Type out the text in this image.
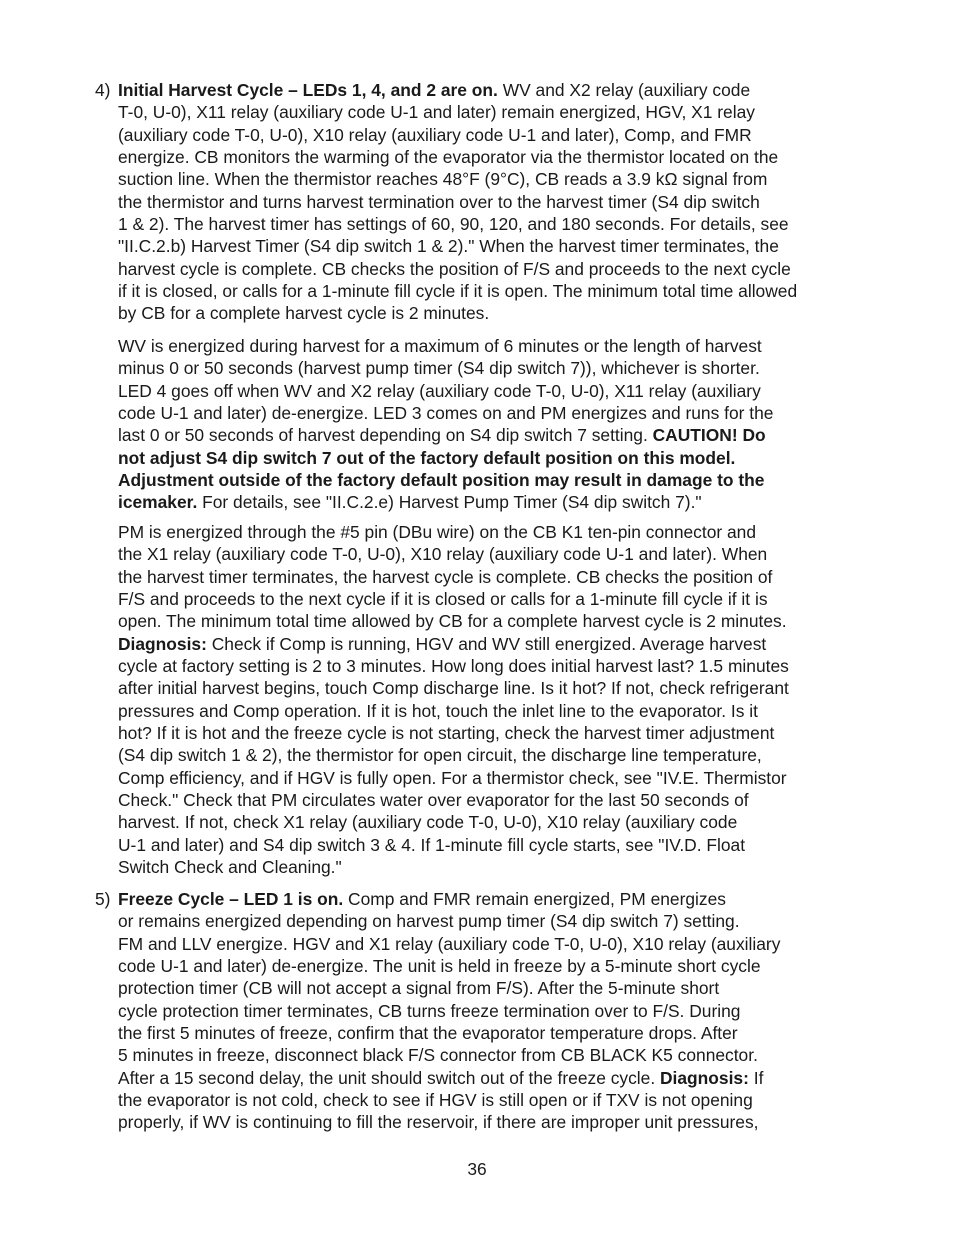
4) Initial Harvest Cycle – LEDs 1, 4, and 2 are on. WV and X2 relay (auxiliary code
T-0, U-0), X11 relay (auxiliary code U-1 and later) remain energized, HGV, X1 relay
(auxiliary code T-0, U-0), X10 relay (auxiliary code U-1 and later), Comp, and FMR
energize. CB monitors the warming of the evaporator via the thermistor located on the
suction line. When the thermistor reaches 48°F (9°C), CB reads a 3.9 kΩ signal from
the thermistor and turns harvest termination over to the harvest timer (S4 dip switch
1 & 2). The harvest timer has settings of 60, 90, 120, and 180 seconds. For details, see
"II.C.2.b) Harvest Timer (S4 dip switch 1 & 2)." When the harvest timer terminates, the
harvest cycle is complete. CB checks the position of F/S and proceeds to the next cycle
if it is closed, or calls for a 1-minute fill cycle if it is open. The minimum total time allowed
by CB for a complete harvest cycle is 2 minutes.
WV is energized during harvest for a maximum of 6 minutes or the length of harvest
minus 0 or 50 seconds (harvest pump timer (S4 dip switch 7)), whichever is shorter.
LED 4 goes off when WV and X2 relay (auxiliary code T-0, U-0), X11 relay (auxiliary
code U-1 and later) de-energize. LED 3 comes on and PM energizes and runs for the
last 0 or 50 seconds of harvest depending on S4 dip switch 7 setting. CAUTION! Do
not adjust S4 dip switch 7 out of the factory default position on this model.
Adjustment outside of the factory default position may result in damage to the
icemaker. For details, see "II.C.2.e) Harvest Pump Timer (S4 dip switch 7)."
PM is energized through the #5 pin (DBu wire) on the CB K1 ten-pin connector and
the X1 relay (auxiliary code T-0, U-0), X10 relay (auxiliary code U-1 and later). When
the harvest timer terminates, the harvest cycle is complete. CB checks the position of
F/S and proceeds to the next cycle if it is closed or calls for a 1-minute fill cycle if it is
open. The minimum total time allowed by CB for a complete harvest cycle is 2 minutes.
Diagnosis: Check if Comp is running, HGV and WV still energized. Average harvest
cycle at factory setting is 2 to 3 minutes. How long does initial harvest last? 1.5 minutes
after initial harvest begins, touch Comp discharge line. Is it hot? If not, check refrigerant
pressures and Comp operation. If it is hot, touch the inlet line to the evaporator. Is it
hot? If it is hot and the freeze cycle is not starting, check the harvest timer adjustment
(S4 dip switch 1 & 2), the thermistor for open circuit, the discharge line temperature,
Comp efficiency, and if HGV is fully open. For a thermistor check, see "IV.E. Thermistor
Check." Check that PM circulates water over evaporator for the last 50 seconds of
harvest. If not, check X1 relay (auxiliary code T-0, U-0), X10 relay (auxiliary code
U-1 and later) and S4 dip switch 3 & 4. If 1-minute fill cycle starts, see "IV.D. Float
Switch Check and Cleaning."
5) Freeze Cycle – LED 1 is on. Comp and FMR remain energized, PM energizes
or remains energized depending on harvest pump timer (S4 dip switch 7) setting.
FM and LLV energize. HGV and X1 relay (auxiliary code T-0, U-0), X10 relay (auxiliary
code U-1 and later) de-energize. The unit is held in freeze by a 5-minute short cycle
protection timer (CB will not accept a signal from F/S). After the 5-minute short
cycle protection timer terminates, CB turns freeze termination over to F/S. During
the first 5 minutes of freeze, confirm that the evaporator temperature drops. After
5 minutes in freeze, disconnect black F/S connector from CB BLACK K5 connector.
After a 15 second delay, the unit should switch out of the freeze cycle. Diagnosis: If
the evaporator is not cold, check to see if HGV is still open or if TXV is not opening
properly, if WV is continuing to fill the reservoir, if there are improper unit pressures,
36
